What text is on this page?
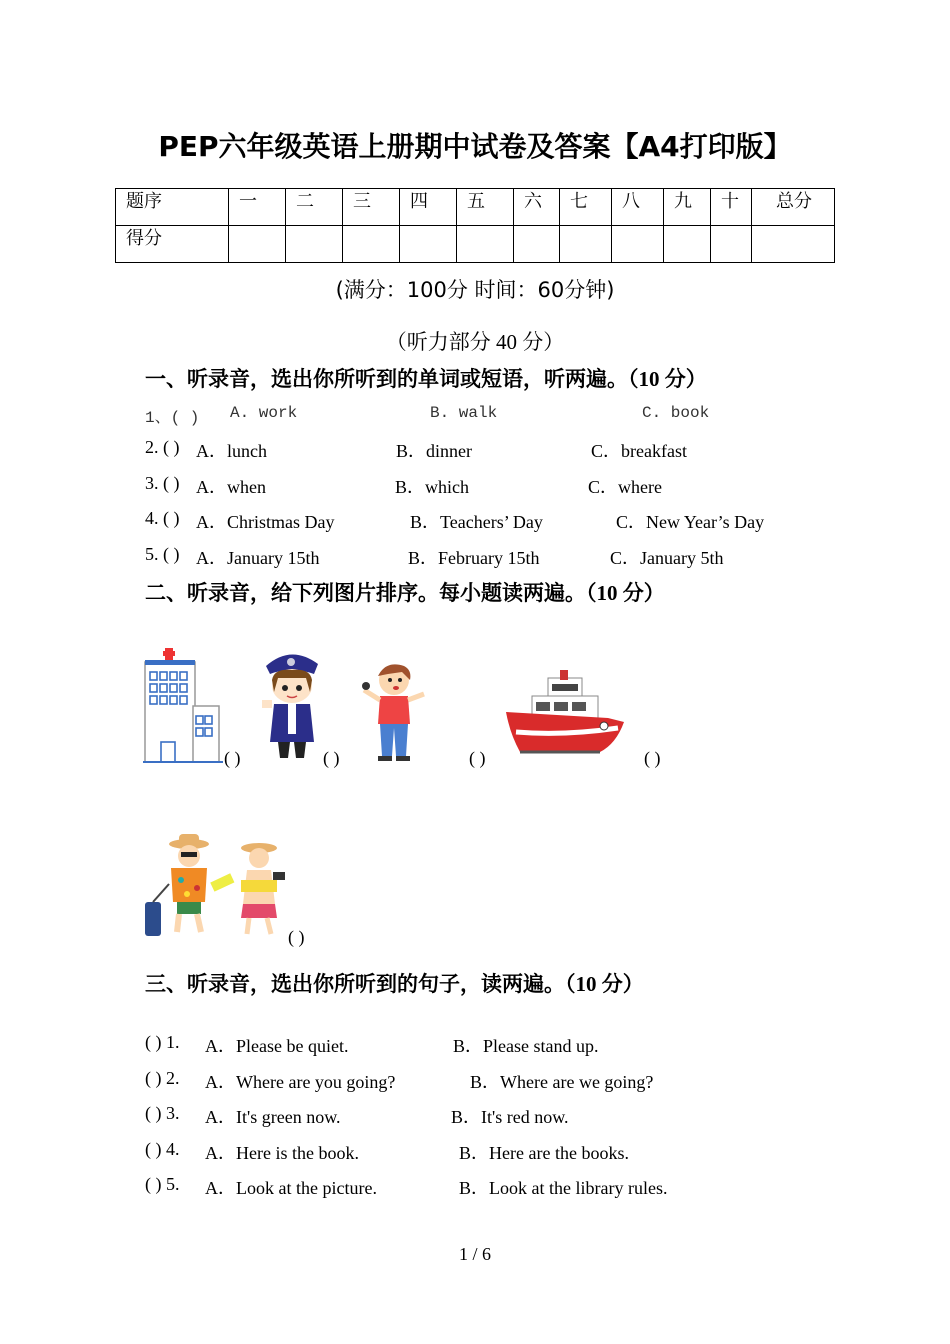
PEP六年级英语上册期中试卷及答案【A4打印版】
题序	一	二	三	四	五	六	七	八	九	十	总分
得分											
(满分：100分 时间：60分钟)
（听力部分 40 分）
一、听录音，选出你所听到的单词或短语，听两遍。（10 分）
1、( ) A. work	B. walk	C. book
2. ( ) A．lunch	B．dinner	C．breakfast
3. ( ) A．when	B．which	C．where
4. ( ) A．Christmas Day	B．Teachers’ Day	C．New Year’s Day
5. ( ) A．January 15th	B．February 15th	C．January 5th
二、听录音，给下列图片排序。每小题读两遍。（10 分）
( )	( )	( )	( )
( )
三、听录音，选出你所听到的句子，读两遍。（10 分）
( ) 1. A．Please be quiet.	B．Please stand up.
( ) 2. A．Where are you going?	B．Where are we going?
( ) 3. A．It's green now.	B．It's red now.
( ) 4. A．Here is the book.	B．Here are the books.
( ) 5. A．Look at the picture.	B．Look at the library rules.
1 / 6
